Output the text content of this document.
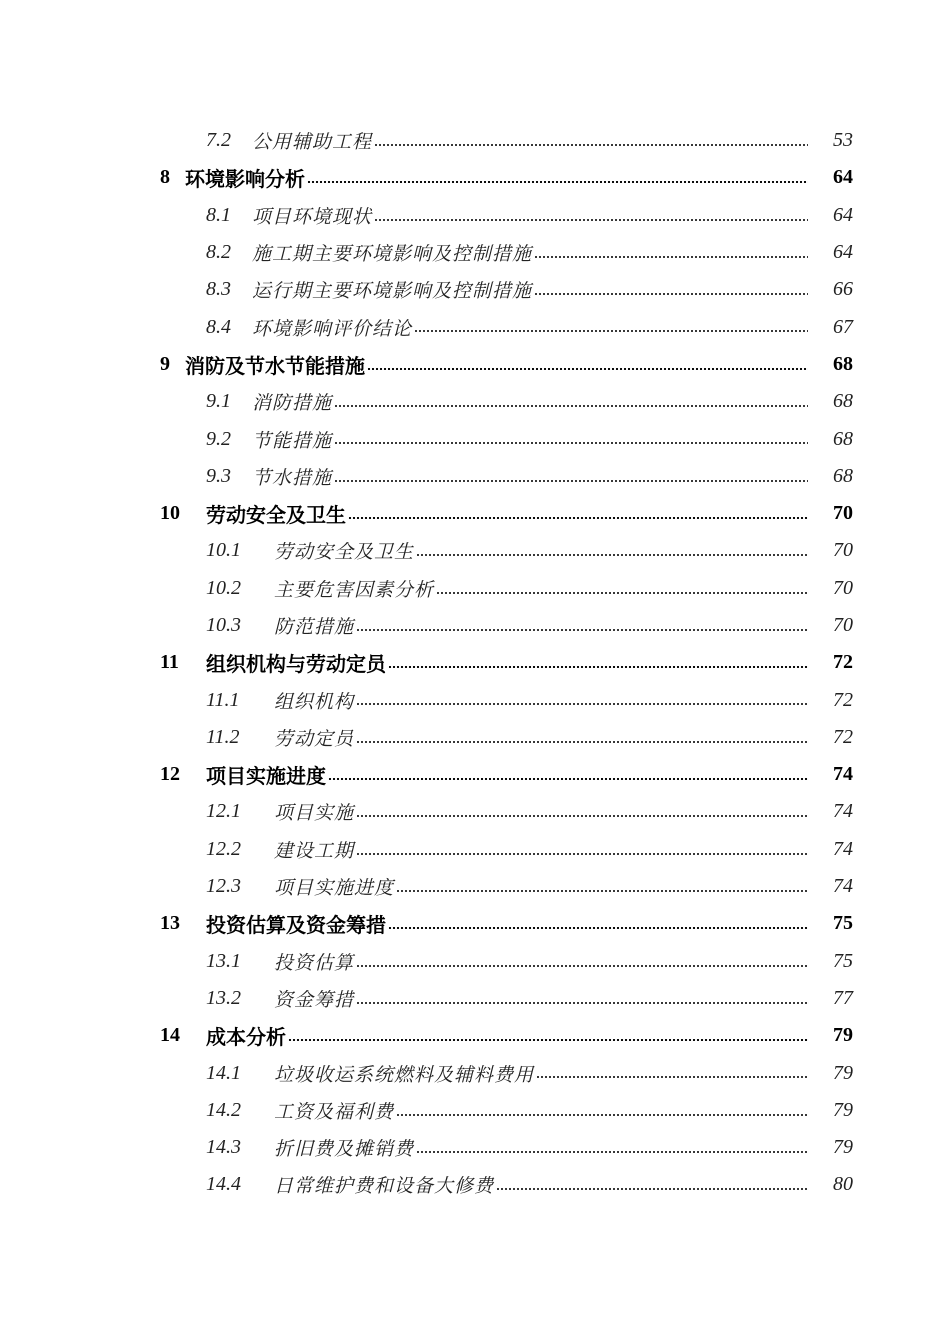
7.2 公用辅助工程	53
8 环境影响分析	64
8.1 项目环境现状	64
8.2 施工期主要环境影响及控制措施	64
8.3 运行期主要环境影响及控制措施	66
8.4 环境影响评价结论	67
9 消防及节水节能措施	68
9.1 消防措施	68
9.2 节能措施	68
9.3 节水措施	68
10 劳动安全及卫生	70
10.1 劳动安全及卫生	70
10.2 主要危害因素分析	70
10.3 防范措施	70
11 组织机构与劳动定员	72
11.1 组织机构	72
11.2 劳动定员	72
12 项目实施进度	74
12.1 项目实施	74
12.2 建设工期	74
12.3 项目实施进度	74
13 投资估算及资金筹措	75
13.1 投资估算	75
13.2 资金筹措	77
14 成本分析	79
14.1 垃圾收运系统燃料及辅料费用	79
14.2 工资及福利费	79
14.3 折旧费及摊销费	79
14.4 日常维护费和设备大修费	80
